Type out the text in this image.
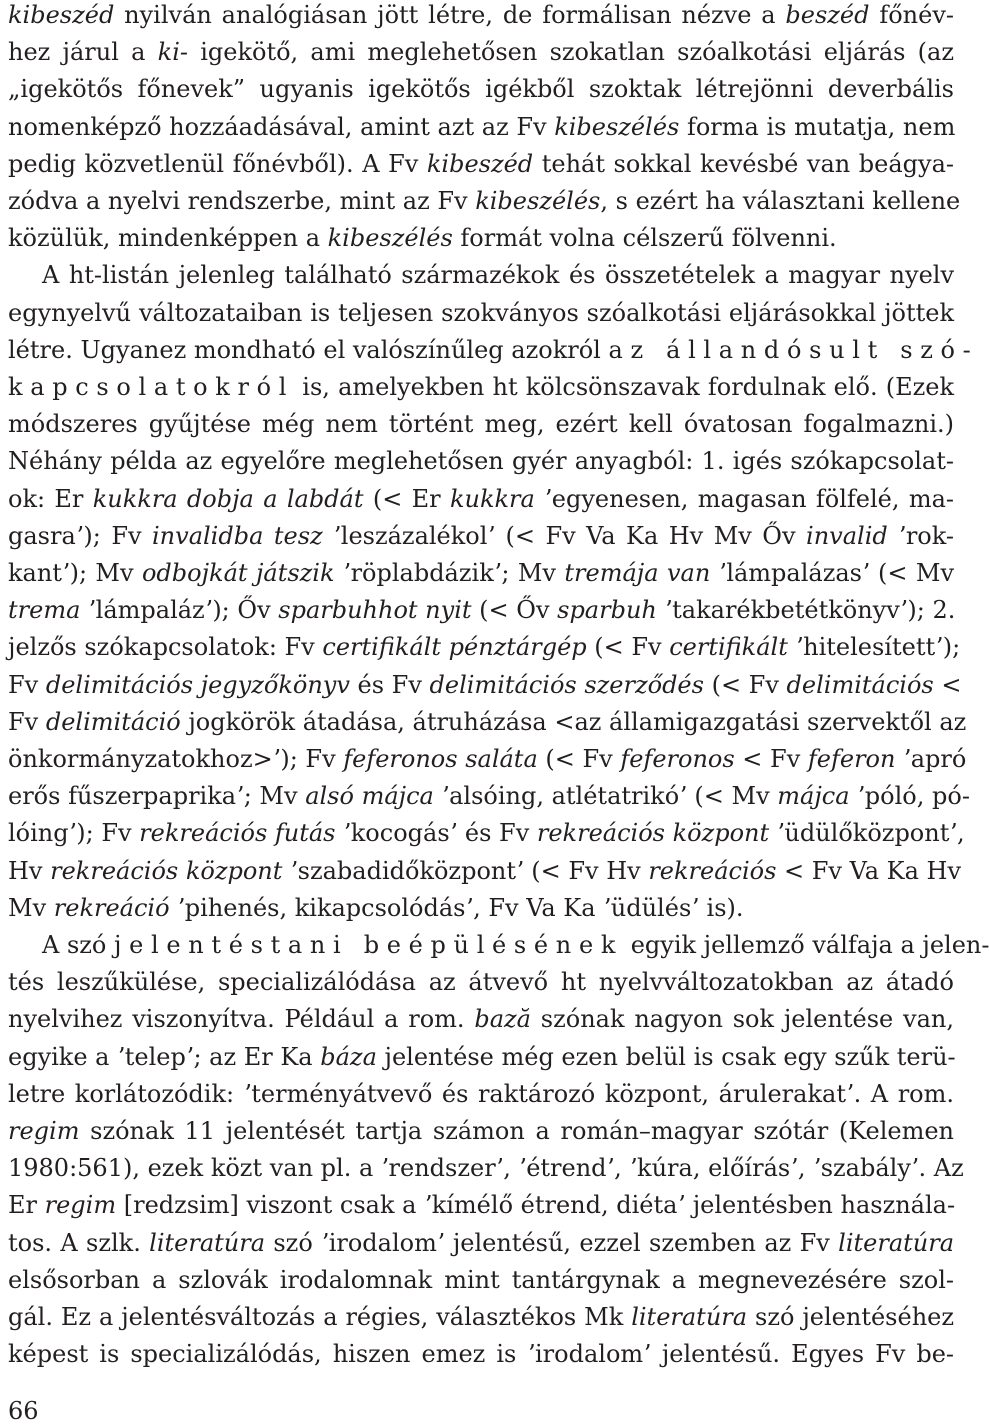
kibeszéd nyilván analógiásan jött létre, de formálisan nézve a beszéd főnév-

hez járul a ki- igekötő, ami meglehetősen szokatlan szóalkotási eljárás (az

„igekötős főnevek” ugyanis igekötős igékből szoktak létrejönni deverbális

nomenképző hozzáadásával, amint azt az Fv kibeszélés forma is mutatja, nem

pedig közvetlenül főnévből). A Fv kibeszéd tehát sokkal kevésbé van beágya-

zódva a nyelvi rendszerbe, mint az Fv kibeszélés, s ezért ha választani kellene

közülük, mindenképpen a kibeszélés formát volna célszerű fölvenni.

A ht-listán jelenleg található származékok és összetételek a magyar nyelv

egynyelvű változataiban is teljesen szokványos szóalkotási eljárásokkal jöttek

létre. Ugyanez mondható el valószínűleg azokról az állandósult szó-

kapcsolatokról is, amelyekben ht kölcsönszavak fordulnak elő. (Ezek

módszeres gyűjtése még nem történt meg, ezért kell óvatosan fogalmazni.)

Néhány példa az egyelőre meglehetősen gyér anyagból: 1. igés szókapcsolat-

ok: Er kukkra dobja a labdát (< Er kukkra ʼegyenesen, magasan fölfelé, ma-

gasraʼ); Fv invalidba tesz ʼleszázalékolʼ (< Fv Va Ka Hv Mv Őv invalid ʼrok-

kantʼ); Mv odbojkát játszik ʼröplabdázikʼ; Mv tremája van ʼlámpalázasʼ (< Mv

trema ʼlámpalázʼ); Őv sparbuhhot nyit (< Őv sparbuh ʼtakarékbetétkönyvʼ); 2.

jelzős szókapcsolatok: Fv certifikált pénztárgép (< Fv certifikált ʼhitelesítettʼ);

Fv delimitációs jegyzőkönyv és Fv delimitációs szerződés (< Fv delimitációs <

Fv delimitáció jogkörök átadása, átruházása <az államigazgatási szervektől az

önkormányzatokhoz>ʼ); Fv feferonos saláta (< Fv feferonos < Fv feferon ʼapró

erős fűszerpaprikaʼ; Mv alsó májca ʼalsóing, atlétatrikóʼ (< Mv májca ʼpóló, pó-

lóingʼ); Fv rekreációs futás ʼkocogásʼ és Fv rekreációs központ ʼüdülőközpontʼ,

Hv rekreációs központ ʼszabadidőközpontʼ (< Fv Hv rekreációs < Fv Va Ka Hv

Mv rekreáció ʼpihenés, kikapcsolódásʼ, Fv Va Ka ʼüdülésʼ is).

A szó jelentéstani beépülésének egyik jellemző válfaja a jelen-

tés leszűkülése, specializálódása az átvevő ht nyelvváltozatokban az átadó

nyelvihez viszonyítva. Például a rom. bază szónak nagyon sok jelentése van,

egyike a ʼtelepʼ; az Er Ka báza jelentése még ezen belül is csak egy szűk terü-

letre korlátozódik: ʼterményátvevő és raktározó központ, árulerakatʼ. A rom.

regim szónak 11 jelentését tartja számon a román–magyar szótár (Kelemen

1980:561), ezek közt van pl. a ʼrendszerʼ, ʼétrendʼ, ʼkúra, előírásʼ, ʼszabályʼ. Az

Er regim [redzsim] viszont csak a ʼkímélő étrend, diétaʼ jelentésben használa-

tos. A szlk. literatúra szó ʼirodalomʼ jelentésű, ezzel szemben az Fv literatúra

elsősorban a szlovák irodalomnak mint tantárgynak a megnevezésére szol-

gál. Ez a jelentésváltozás a régies, választékos Mk literatúra szó jelentéséhez

képest is specializálódás, hiszen emez is ʼirodalomʼ jelentésű. Egyes Fv be-

66
